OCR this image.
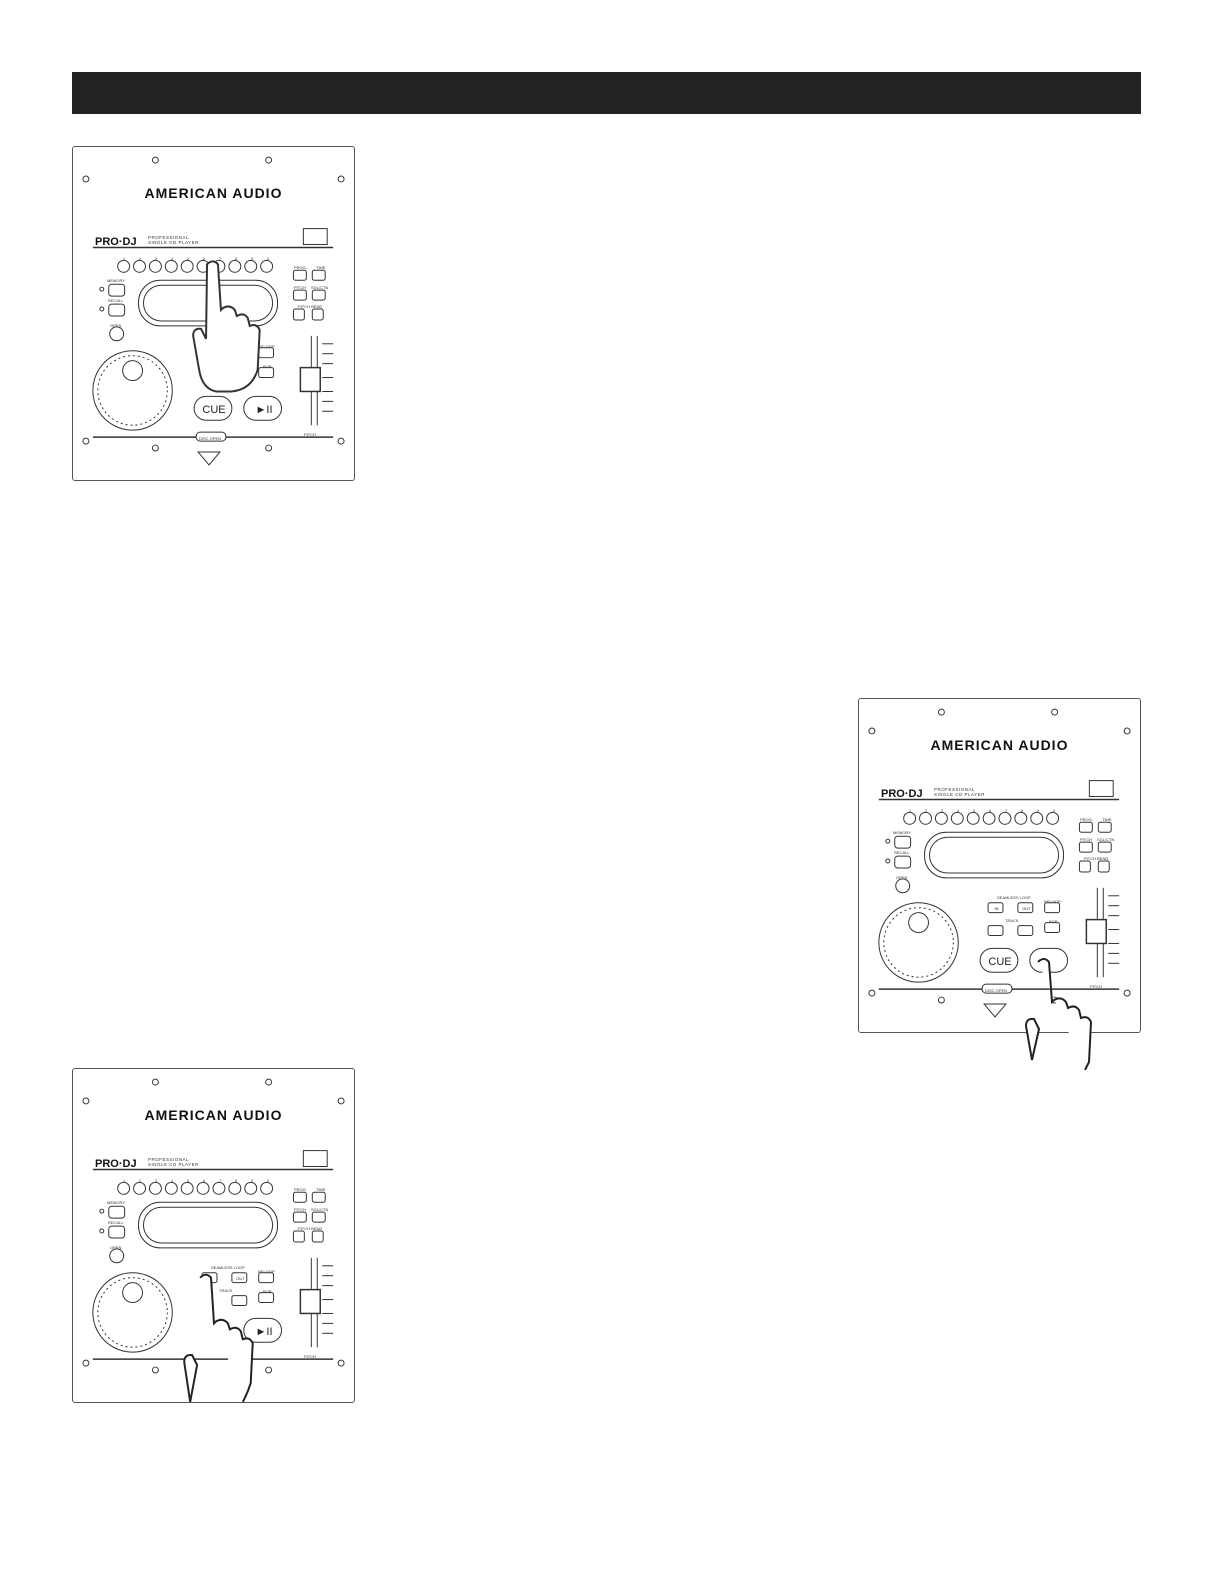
AMERICAN AUDIO
PRO·DJ	PROFESSIONAL
SINGLE CD PLAYER
MEMORY
RECALL
OPEN
PROG. TIME
PITCH SGL/CTN
PITCH BEND
RELOOP
BOP
CUE	►II
DISC OPEN
PITCH
1	2	3	4	5	6	7	8	9	0
AMERICAN AUDIO
PRO·DJ	PROFESSIONAL
SINGLE CD PLAYER
MEMORY
RECALL
OPEN
PROG. TIME
PITCH SGL/CTN
PITCH BEND
SEAMLESS LOOP
IN	OUT
TRACK
RELOOP
BOP
CUE
DISC OPEN
PITCH
1	2	3	4	5	6	7	8	9	0
AMERICAN AUDIO
PRO·DJ	PROFESSIONAL
SINGLE CD PLAYER
MEMORY
RECALL
OPEN
PROG. TIME
PITCH SGL/CTN
PITCH BEND
SEAMLESS LOOP
OUT
TRACK
RELOOP
BOP
►II
PITCH
1	2	3	4	5	6	7	8	9	0
